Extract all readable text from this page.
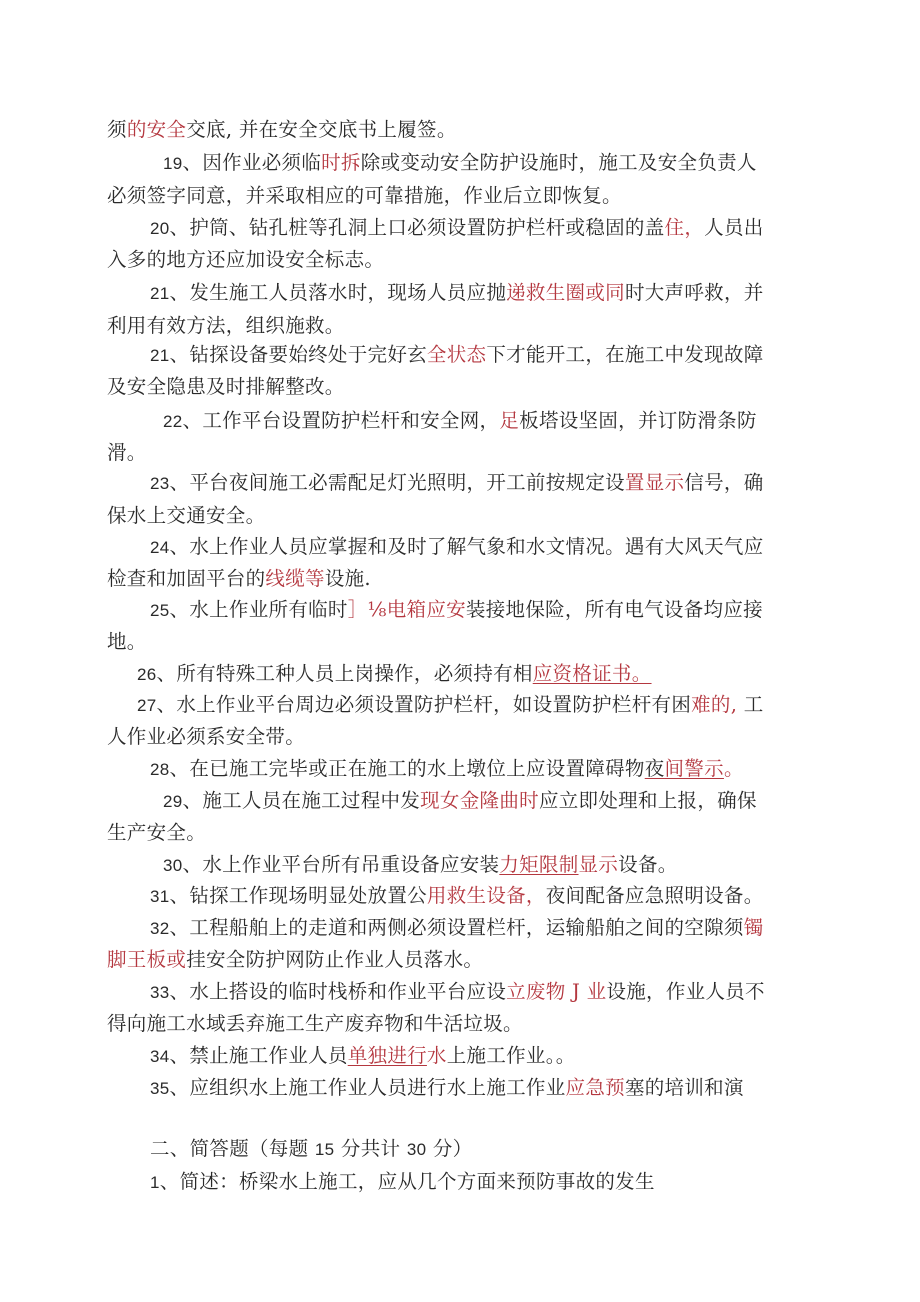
须的安全交底, 并在安全交底书上履签。
19、因作业必须临时拆除或变动安全防护设施时，施工及安全负责人
必须签字同意，并采取相应的可靠措施，作业后立即恢复。
20、护筒、钻孔桩等孔洞上口必须设置防护栏杆或稳固的盖住，人员出
入多的地方还应加设安全标志。
21、发生施工人员落水时，现场人员应抛递救生圈或同时大声呼救，并
利用有效方法，组织施救。
21、钻探设备要始终处于完好玄全状态下才能开工，在施工中发现故障
及安全隐患及时排解整改。
22、工作平台设置防护栏杆和安全网，足板塔设坚固，并订防滑条防
滑。
23、平台夜间施工必需配足灯光照明，开工前按规定设置显示信号，确
保水上交通安全。
24、水上作业人员应掌握和及时了解气象和水文情况。遇有大风天气应
检查和加固平台的线缆等设施.
25、水上作业所有临时］⅛电箱应安装接地保险，所有电气设备均应接
地。
26、所有特殊工种人员上岗操作，必须持有相应资格证书。
27、水上作业平台周边必须设置防护栏杆，如设置防护栏杆有困难的, 工
人作业必须系安全带。
28、在已施工完毕或正在施工的水上墩位上应设置障碍物夜间警示。
29、施工人员在施工过程中发现女金隆曲时应立即处理和上报，确保
生产安全。
30、水上作业平台所有吊重设备应安装力矩限制显示设备。
31、钻探工作现场明显处放置公用救生设备，夜间配备应急照明设备。
32、工程船舶上的走道和两侧必须设置栏杆，运输船舶之间的空隙须镯
脚王板或挂安全防护网防止作业人员落水。
33、水上搭设的临时栈桥和作业平台应设立废物 J 业设施，作业人员不
得向施工水域丢弃施工生产废弃物和牛活垃圾。
34、禁止施工作业人员单独进行水上施工作业。。
35、应组织水上施工作业人员进行水上施工作业应急预塞的培训和演
二、简答题（每题 15 分共计 30 分）
1、简述：桥梁水上施工，应从几个方面来预防事故的发生
